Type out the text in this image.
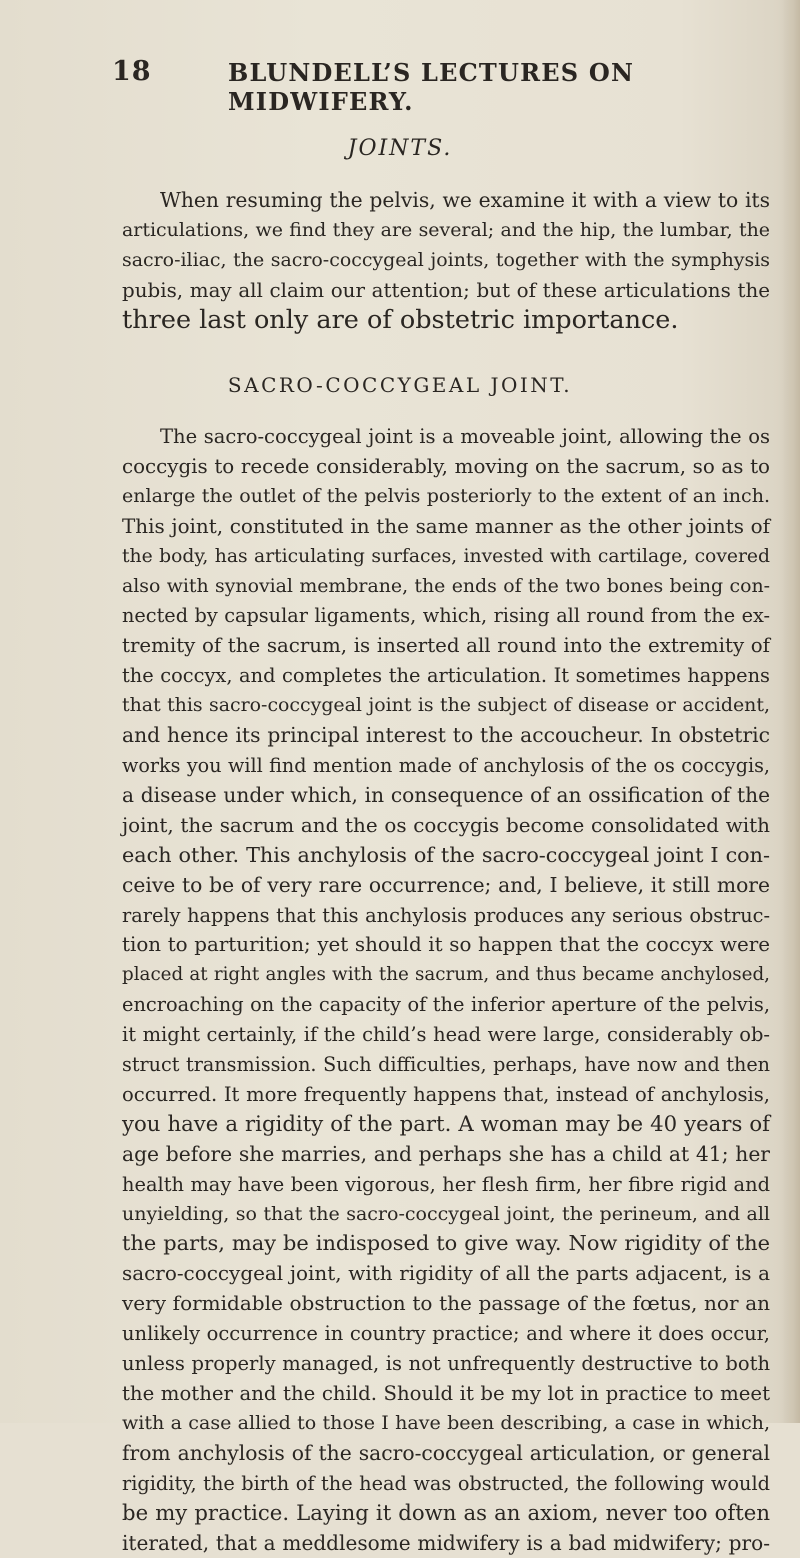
18	BLUNDELL’S LECTURES ON MIDWIFERY.
JOINTS.
When resuming the pelvis, we examine it with a view to its
articulations, we find they are several; and the hip, the lumbar, the
sacro-iliac, the sacro-coccygeal joints, together with the symphysis
pubis, may all claim our attention; but of these articulations the
three last only are of obstetric importance.
SACRO-COCCYGEAL JOINT.
The sacro-coccygeal joint is a moveable joint, allowing the os
coccygis to recede considerably, moving on the sacrum, so as to
enlarge the outlet of the pelvis posteriorly to the extent of an inch.
This joint, constituted in the same manner as the other joints of
the body, has articulating surfaces, invested with cartilage, covered
also with synovial membrane, the ends of the two bones being con-
nected by capsular ligaments, which, rising all round from the ex-
tremity of the sacrum, is inserted all round into the extremity of
the coccyx, and completes the articulation. It sometimes happens
that this sacro-coccygeal joint is the subject of disease or accident,
and hence its principal interest to the accoucheur. In obstetric
works you will find mention made of anchylosis of the os coccygis,
a disease under which, in consequence of an ossification of the
joint, the sacrum and the os coccygis become consolidated with
each other. This anchylosis of the sacro-coccygeal joint I con-
ceive to be of very rare occurrence; and, I believe, it still more
rarely happens that this anchylosis produces any serious obstruc-
tion to parturition; yet should it so happen that the coccyx were
placed at right angles with the sacrum, and thus became anchylosed,
encroaching on the capacity of the inferior aperture of the pelvis,
it might certainly, if the child’s head were large, considerably ob-
struct transmission. Such difficulties, perhaps, have now and then
occurred. It more frequently happens that, instead of anchylosis,
you have a rigidity of the part. A woman may be 40 years of
age before she marries, and perhaps she has a child at 41; her
health may have been vigorous, her flesh firm, her fibre rigid and
unyielding, so that the sacro-coccygeal joint, the perineum, and all
the parts, may be indisposed to give way. Now rigidity of the
sacro-coccygeal joint, with rigidity of all the parts adjacent, is a
very formidable obstruction to the passage of the fœtus, nor an
unlikely occurrence in country practice; and where it does occur,
unless properly managed, is not unfrequently destructive to both
the mother and the child. Should it be my lot in practice to meet
with a case allied to those I have been describing, a case in which,
from anchylosis of the sacro-coccygeal articulation, or general
rigidity, the birth of the head was obstructed, the following would
be my practice. Laying it down as an axiom, never too often
iterated, that a meddlesome midwifery is a bad midwifery; pro-
